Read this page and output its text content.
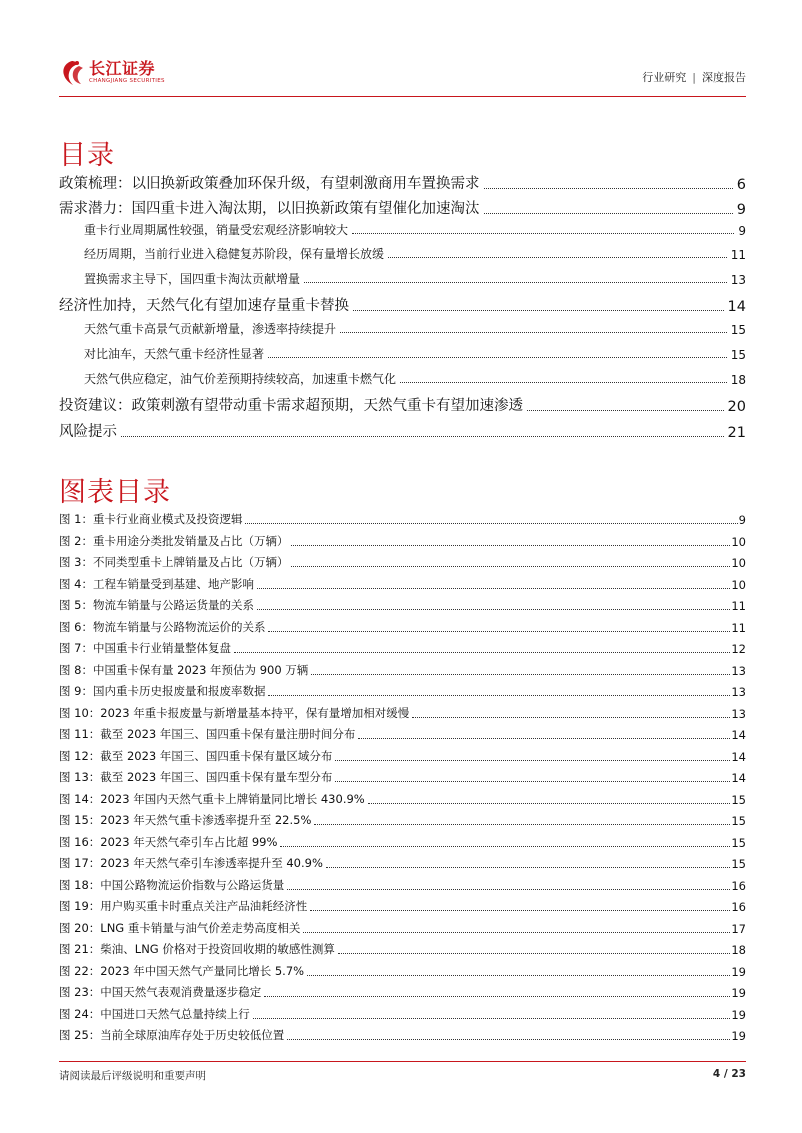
长江证券
CHANGJIANG SECURITIES	行业研究 | 深度报告
目录
图表目录
图 1：重卡行业商业模式及投资逻辑	9
图 2：重卡用途分类批发销量及占比（万辆）	10
图 3：不同类型重卡上牌销量及占比（万辆）	10
图 4：工程车销量受到基建、地产影响	10
图 5：物流车销量与公路运货量的关系	11
图 6：物流车销量与公路物流运价的关系	11
图 7：中国重卡行业销量整体复盘	12
图 8：中国重卡保有量 2023 年预估为 900 万辆	13
图 9：国内重卡历史报废量和报废率数据	13
图 10：2023 年重卡报废量与新增量基本持平，保有量增加相对缓慢	13
图 11：截至 2023 年国三、国四重卡保有量注册时间分布	14
图 12：截至 2023 年国三、国四重卡保有量区域分布	14
图 13：截至 2023 年国三、国四重卡保有量车型分布	14
图 14：2023 年国内天然气重卡上牌销量同比增长 430.9%	15
图 15：2023 年天然气重卡渗透率提升至 22.5%	15
图 16：2023 年天然气牵引车占比超 99%	15
图 17：2023 年天然气牵引车渗透率提升至 40.9%	15
图 18：中国公路物流运价指数与公路运货量	16
图 19：用户购买重卡时重点关注产品油耗经济性	16
图 20：LNG 重卡销量与油气价差走势高度相关	17
图 21：柴油、LNG 价格对于投资回收期的敏感性测算	18
图 22：2023 年中国天然气产量同比增长 5.7%	19
图 23：中国天然气表观消费量逐步稳定	19
图 24：中国进口天然气总量持续上行	19
图 25：当前全球原油库存处于历史较低位置	19
请阅读最后评级说明和重要声明	4 / 23
政策梳理：以旧换新政策叠加环保升级，有望刺激商用车置换需求	6
需求潜力：国四重卡进入淘汰期，以旧换新政策有望催化加速淘汰	9
重卡行业周期属性较强，销量受宏观经济影响较大	9
经历周期，当前行业进入稳健复苏阶段，保有量增长放缓	11
置换需求主导下，国四重卡淘汰贡献增量	13
经济性加持，天然气化有望加速存量重卡替换	14
天然气重卡高景气贡献新增量，渗透率持续提升	15
对比油车，天然气重卡经济性显著	15
天然气供应稳定，油气价差预期持续较高，加速重卡燃气化	18
投资建议：政策刺激有望带动重卡需求超预期，天然气重卡有望加速渗透	20
风险提示	21
